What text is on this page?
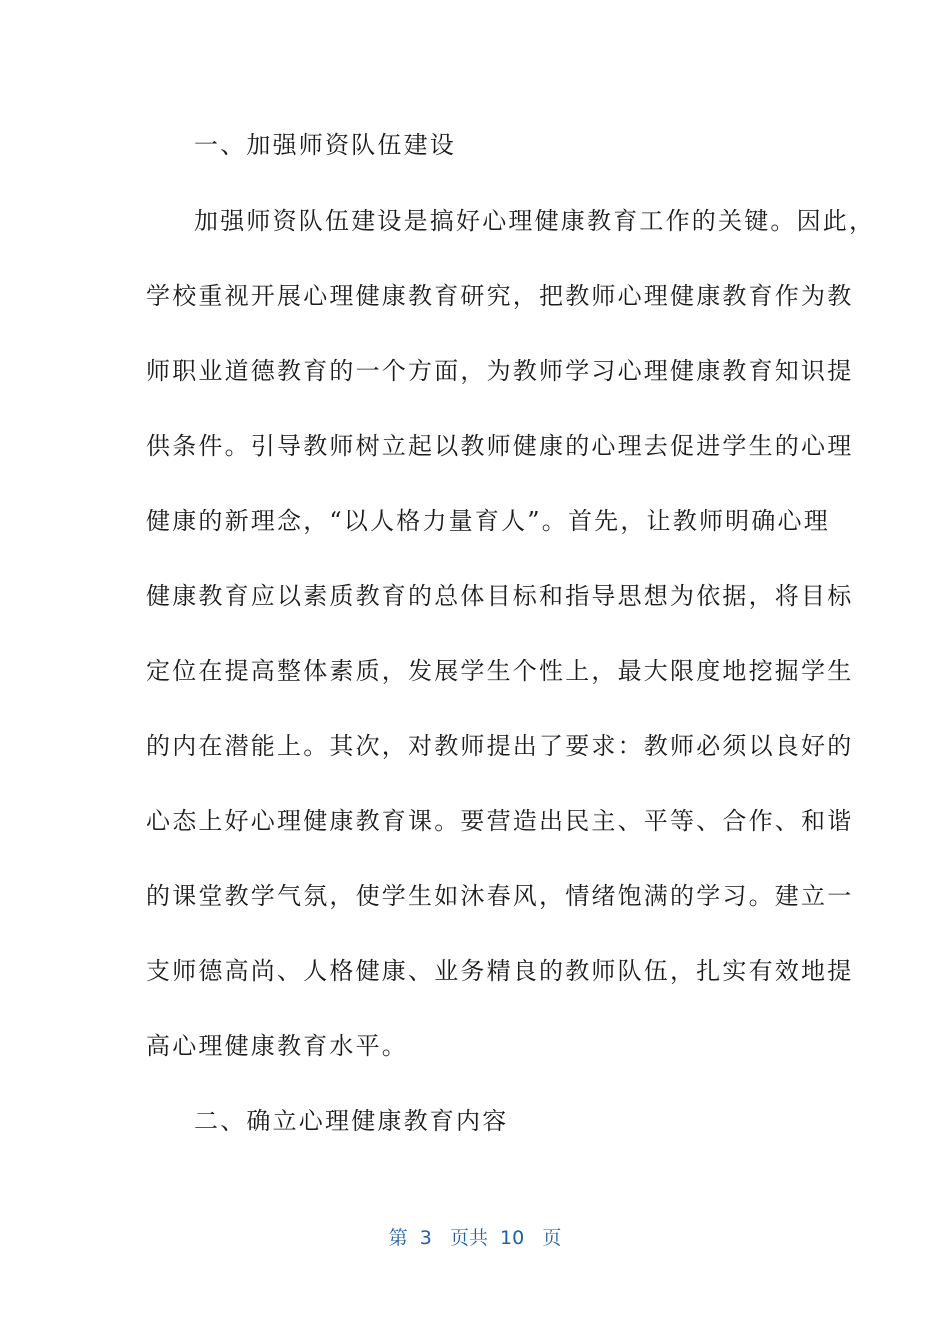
一、加强师资队伍建设
加强师资队伍建设是搞好心理健康教育工作的关键。因此，
学校重视开展心理健康教育研究，把教师心理健康教育作为教
师职业道德教育的一个方面，为教师学习心理健康教育知识提
供条件。引导教师树立起以教师健康的心理去促进学生的心理
健康的新理念，“以人格力量育人”。首先，让教师明确心理
健康教育应以素质教育的总体目标和指导思想为依据，将目标
定位在提高整体素质，发展学生个性上，最大限度地挖掘学生
的内在潜能上。其次，对教师提出了要求：教师必须以良好的
心态上好心理健康教育课。要营造出民主、平等、合作、和谐
的课堂教学气氛，使学生如沐春风，情绪饱满的学习。建立一
支师德高尚、人格健康、业务精良的教师队伍，扎实有效地提
高心理健康教育水平。
二、确立心理健康教育内容
第  3   页共  10   页
